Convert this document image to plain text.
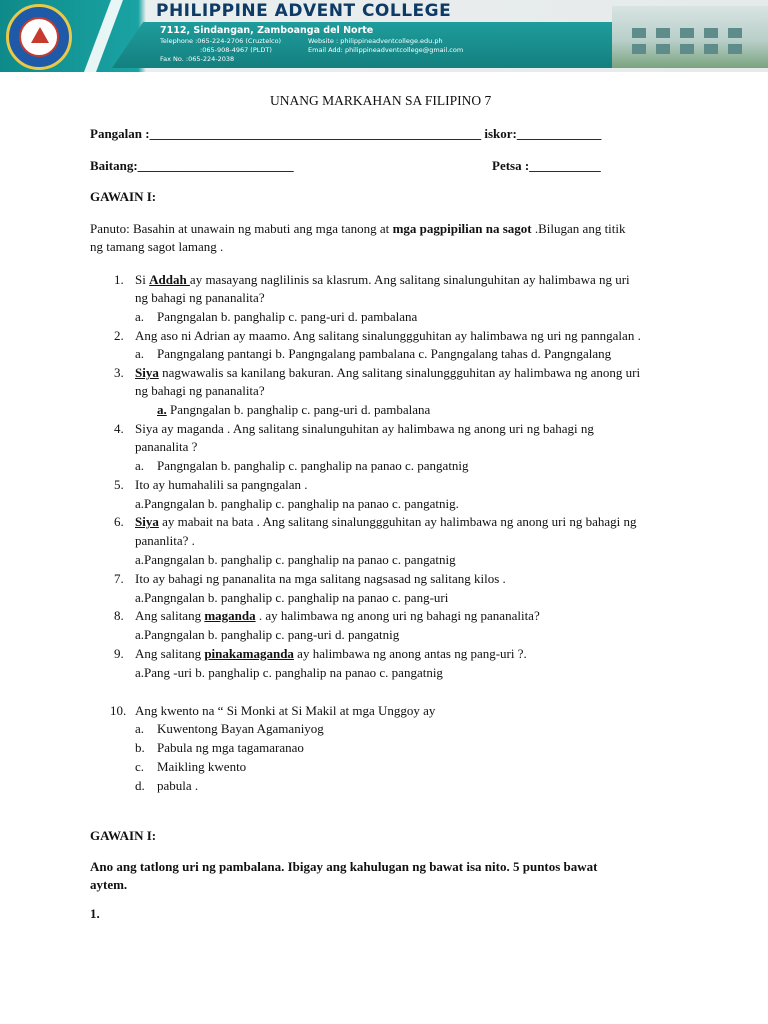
PHILIPPINE ADVENT COLLEGE
7112, Sindangan, Zamboanga del Norte
Telephone :065-224-2706 (Cruztelco)
:065-908-4967 (PLDT)
Fax No. :065-224-2038
Website : philippineadventcollege.edu.ph
Email Add: philippineadventcollege@gmail.com
UNANG MARKAHAN SA FILIPINO 7
Pangalan :___________________________________________________ iskor:_____________
Baitang:________________________	Petsa :___________
GAWAIN I:
Panuto: Basahin at unawain ng mabuti ang mga tanong at mga pagpipilian na sagot .Bilugan ang titik
ng tamang sagot lamang .
1. Si Addah ay masayang naglilinis sa klasrum. Ang salitang sinalunguhitan ay halimbawa ng uri
ng bahagi ng pananalita?
a. Pangngalan b. panghalip c. pang-uri d. pambalana
2. Ang aso ni Adrian ay maamo. Ang salitang sinalunggguhitan ay halimbawa ng uri ng panngalan .
a. Pangngalang pantangi b. Pangngalang pambalana c. Pangngalang tahas d. Pangngalang
3. Siya nagwawalis sa kanilang bakuran. Ang salitang sinalunggguhitan ay halimbawa ng anong uri
ng bahagi ng pananalita?
a. Pangngalan b. panghalip c. pang-uri d. pambalana
4. Siya ay maganda . Ang salitang sinalunguhitan ay halimbawa ng anong uri ng bahagi ng
pananalita ?
a. Pangngalan b. panghalip c. panghalip na panao c. pangatnig
5. Ito ay humahalili sa pangngalan .
a.Pangngalan b. panghalip c. panghalip na panao c. pangatnig.
6. Siya ay mabait na bata . Ang salitang sinalunggguhitan ay halimbawa ng anong uri ng bahagi ng
pananlita? .
a.Pangngalan b. panghalip c. panghalip na panao c. pangatnig
7. Ito ay bahagi ng pananalita na mga salitang nagsasad ng salitang kilos .
a.Pangngalan b. panghalip c. panghalip na panao c. pang-uri
8. Ang salitang maganda . ay halimbawa ng anong uri ng bahagi ng pananalita?
a.Pangngalan b. panghalip c. pang-uri d. pangatnig
9. Ang salitang pinakamaganda ay halimbawa ng anong antas ng pang-uri ?.
a.Pang -uri b. panghalip c. panghalip na panao c. pangatnig
10. Ang kwento na “ Si Monki at Si Makil at mga Unggoy ay
a. Kuwentong Bayan Agamaniyog
b. Pabula ng mga tagamaranao
c. Maikling kwento
d. pabula .
GAWAIN I:
Ano ang tatlong uri ng pambalana. Ibigay ang kahulugan ng bawat isa nito. 5 puntos bawat
aytem.
1.
